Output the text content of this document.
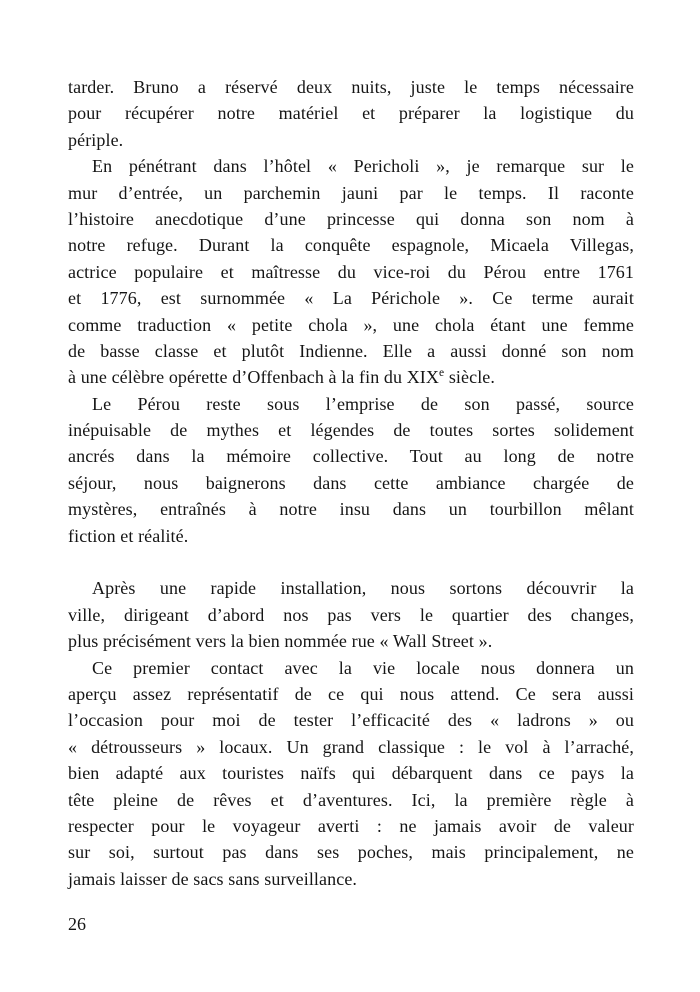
tarder. Bruno a réservé deux nuits, juste le temps nécessaire
pour récupérer notre matériel et préparer la logistique du
périple.
En pénétrant dans l’hôtel « Pericholi », je remarque sur le
mur d’entrée, un parchemin jauni par le temps. Il raconte
l’histoire anecdotique d’une princesse qui donna son nom à
notre refuge. Durant la conquête espagnole, Micaela Villegas,
actrice populaire et maîtresse du vice-roi du Pérou entre 1761
et 1776, est surnommée « La Périchole ». Ce terme aurait
comme traduction « petite chola », une chola étant une femme
de basse classe et plutôt Indienne. Elle a aussi donné son nom
à une célèbre opérette d’Offenbach à la fin du XIXe siècle.
Le Pérou reste sous l’emprise de son passé, source
inépuisable de mythes et légendes de toutes sortes solidement
ancrés dans la mémoire collective. Tout au long de notre
séjour, nous baignerons dans cette ambiance chargée de
mystères, entraînés à notre insu dans un tourbillon mêlant
fiction et réalité.
Après une rapide installation, nous sortons découvrir la
ville, dirigeant d’abord nos pas vers le quartier des changes,
plus précisément vers la bien nommée rue « Wall Street ».
Ce premier contact avec la vie locale nous donnera un
aperçu assez représentatif de ce qui nous attend. Ce sera aussi
l’occasion pour moi de tester l’efficacité des « ladrons » ou
« détrousseurs » locaux. Un grand classique : le vol à l’arraché,
bien adapté aux touristes naïfs qui débarquent dans ce pays la
tête pleine de rêves et d’aventures. Ici, la première règle à
respecter pour le voyageur averti : ne jamais avoir de valeur
sur soi, surtout pas dans ses poches, mais principalement, ne
jamais laisser de sacs sans surveillance.
26
